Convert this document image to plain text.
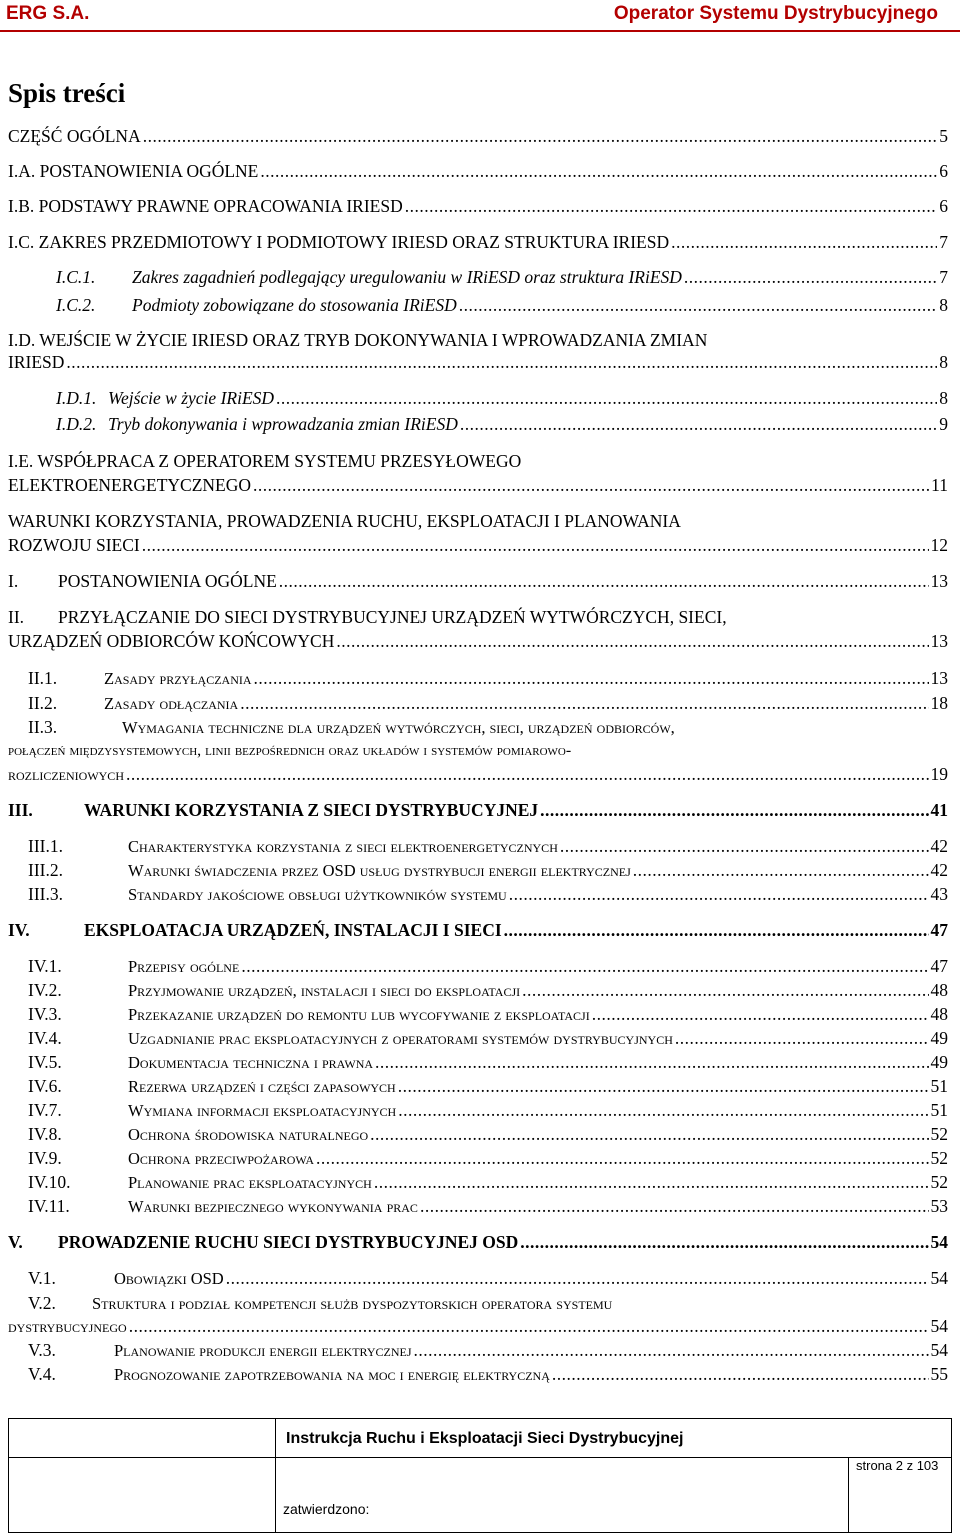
ERG S.A.	Operator Systemu Dystrybucyjnego
Spis treści
CZĘŚĆ OGÓLNA .....	5
I.A. POSTANOWIENIA OGÓLNE .....	6
I.B. PODSTAWY PRAWNE OPRACOWANIA IRIESD .....	6
I.C. ZAKRES PRZEDMIOTOWY I PODMIOTOWY IRIESD ORAZ STRUKTURA IRIESD .....	7
I.C.1.	Zakres zagadnień podlegający uregulowaniu w IRiESD oraz struktura IRiESD .....	7
I.C.2.	Podmioty zobowiązane do stosowania IRiESD .....	8
I.D. WEJŚCIE W ŻYCIE IRIESD ORAZ TRYB DOKONYWANIA I WPROWADZANIA ZMIAN
IRIESD .....	8
I.D.1. Wejście w życie IRiESD .....	8
I.D.2. Tryb dokonywania i wprowadzania zmian IRiESD .....	9
I.E. WSPÓŁPRACA Z OPERATOREM SYSTEMU PRZESYŁOWEGO
ELEKTROENERGETYCZNEGO .....	11
WARUNKI KORZYSTANIA, PROWADZENIA RUCHU, EKSPLOATACJI I PLANOWANIA
ROZWOJU SIECI .....	12
I.	POSTANOWIENIA OGÓLNE .....	13
II. PRZYŁĄCZANIE DO SIECI DYSTRYBUCYJNEJ URZĄDZEŃ WYTWÓRCZYCH, SIECI,
URZĄDZEŃ ODBIORCÓW KOŃCOWYCH .....	13
II.1.	Zasady przyłączania .....	13
II.2.	Zasady odłączania .....	18
II.3.	Wymagania techniczne dla urządzeń wytwórczych, sieci, urządzeń odbiorców,
połączeń międzysystemowych, linii bezpośrednich oraz układów i systemów pomiarowo-
rozliczeniowych .....	19
III.	WARUNKI KORZYSTANIA Z SIECI DYSTRYBUCYJNEJ .....	41
III.1.	Charakterystyka korzystania z sieci elektroenergetycznych .....	42
III.2.	Warunki świadczenia przez OSD usług dystrybucji energii elektrycznej .....	42
III.3.	Standardy jakościowe obsługi użytkowników systemu .....	43
IV.	EKSPLOATACJA URZĄDZEŃ, INSTALACJI I SIECI .....	47
IV.1.	Przepisy ogólne .....	47
IV.2.	Przyjmowanie urządzeń, instalacji i sieci do eksploatacji .....	48
IV.3.	Przekazanie urządzeń do remontu lub wycofywanie z eksploatacji .....	48
IV.4.	Uzgadnianie prac eksploatacyjnych z operatorami systemów dystrybucyjnych .....	49
IV.5.	Dokumentacja techniczna i prawna .....	49
IV.6.	Rezerwa urządzeń i części zapasowych .....	51
IV.7.	Wymiana informacji eksploatacyjnych .....	51
IV.8.	Ochrona środowiska naturalnego .....	52
IV.9.	Ochrona przeciwpożarowa .....	52
IV.10.	Planowanie prac eksploatacyjnych .....	52
IV.11.	Warunki bezpiecznego wykonywania prac .....	53
V.	PROWADZENIE RUCHU SIECI DYSTRYBUCYJNEJ OSD .....	54
V.1.	Obowiązki OSD .....	54
V.2. Struktura i podział kompetencji służb dyspozytorskich operatora systemu
dystrybucyjnego .....	54
V.3.	Planowanie produkcji energii elektrycznej .....	54
V.4.	Prognozowanie zapotrzebowania na moc i energię elektryczną .....	55
Instrukcja Ruchu i Eksploatacji Sieci Dystrybucyjnej
zatwierdzono:
strona 2 z 103
